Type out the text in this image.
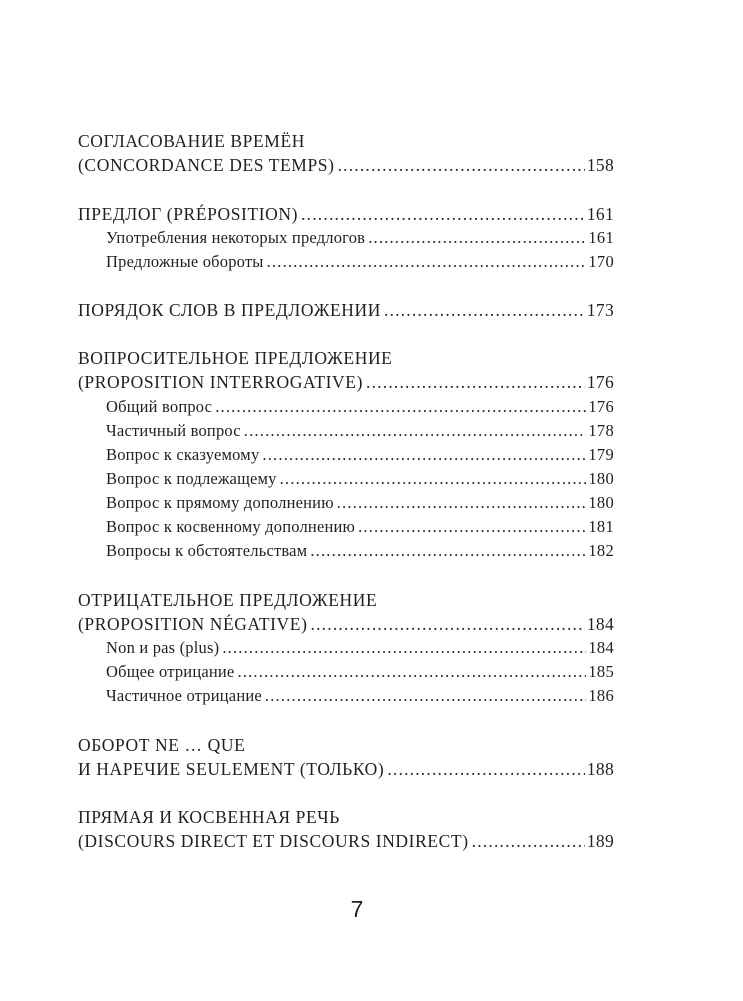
СОГЛАСОВАНИЕ ВРЕМЁН
(CONCORDANCE DES TEMPS) .....	158
ПРЕДЛОГ (PRÉPOSITION) .....	161
Употребления некоторых предлогов .....	161
Предложные обороты .....	170
ПОРЯДОК СЛОВ В ПРЕДЛОЖЕНИИ .....	173
ВОПРОСИТЕЛЬНОЕ ПРЕДЛОЖЕНИЕ
(PROPOSITION INTERROGATIVE) .....	176
Общий вопрос .....	176
Частичный вопрос .....	178
Вопрос к сказуемому .....	179
Вопрос к подлежащему .....	180
Вопрос к прямому дополнению .....	180
Вопрос к косвенному дополнению .....	181
Вопросы к обстоятельствам .....	182
ОТРИЦАТЕЛЬНОЕ ПРЕДЛОЖЕНИЕ
(PROPOSITION NÉGATIVE) .....	184
Non и pas (plus) .....	184
Общее отрицание .....	185
Частичное отрицание .....	186
ОБОРОТ NE … QUE
И НАРЕЧИЕ SEULEMENT (ТОЛЬКО) .....	188
ПРЯМАЯ И КОСВЕННАЯ РЕЧЬ
(DISCOURS DIRECT ET DISCOURS INDIRECT) .....	189
7
